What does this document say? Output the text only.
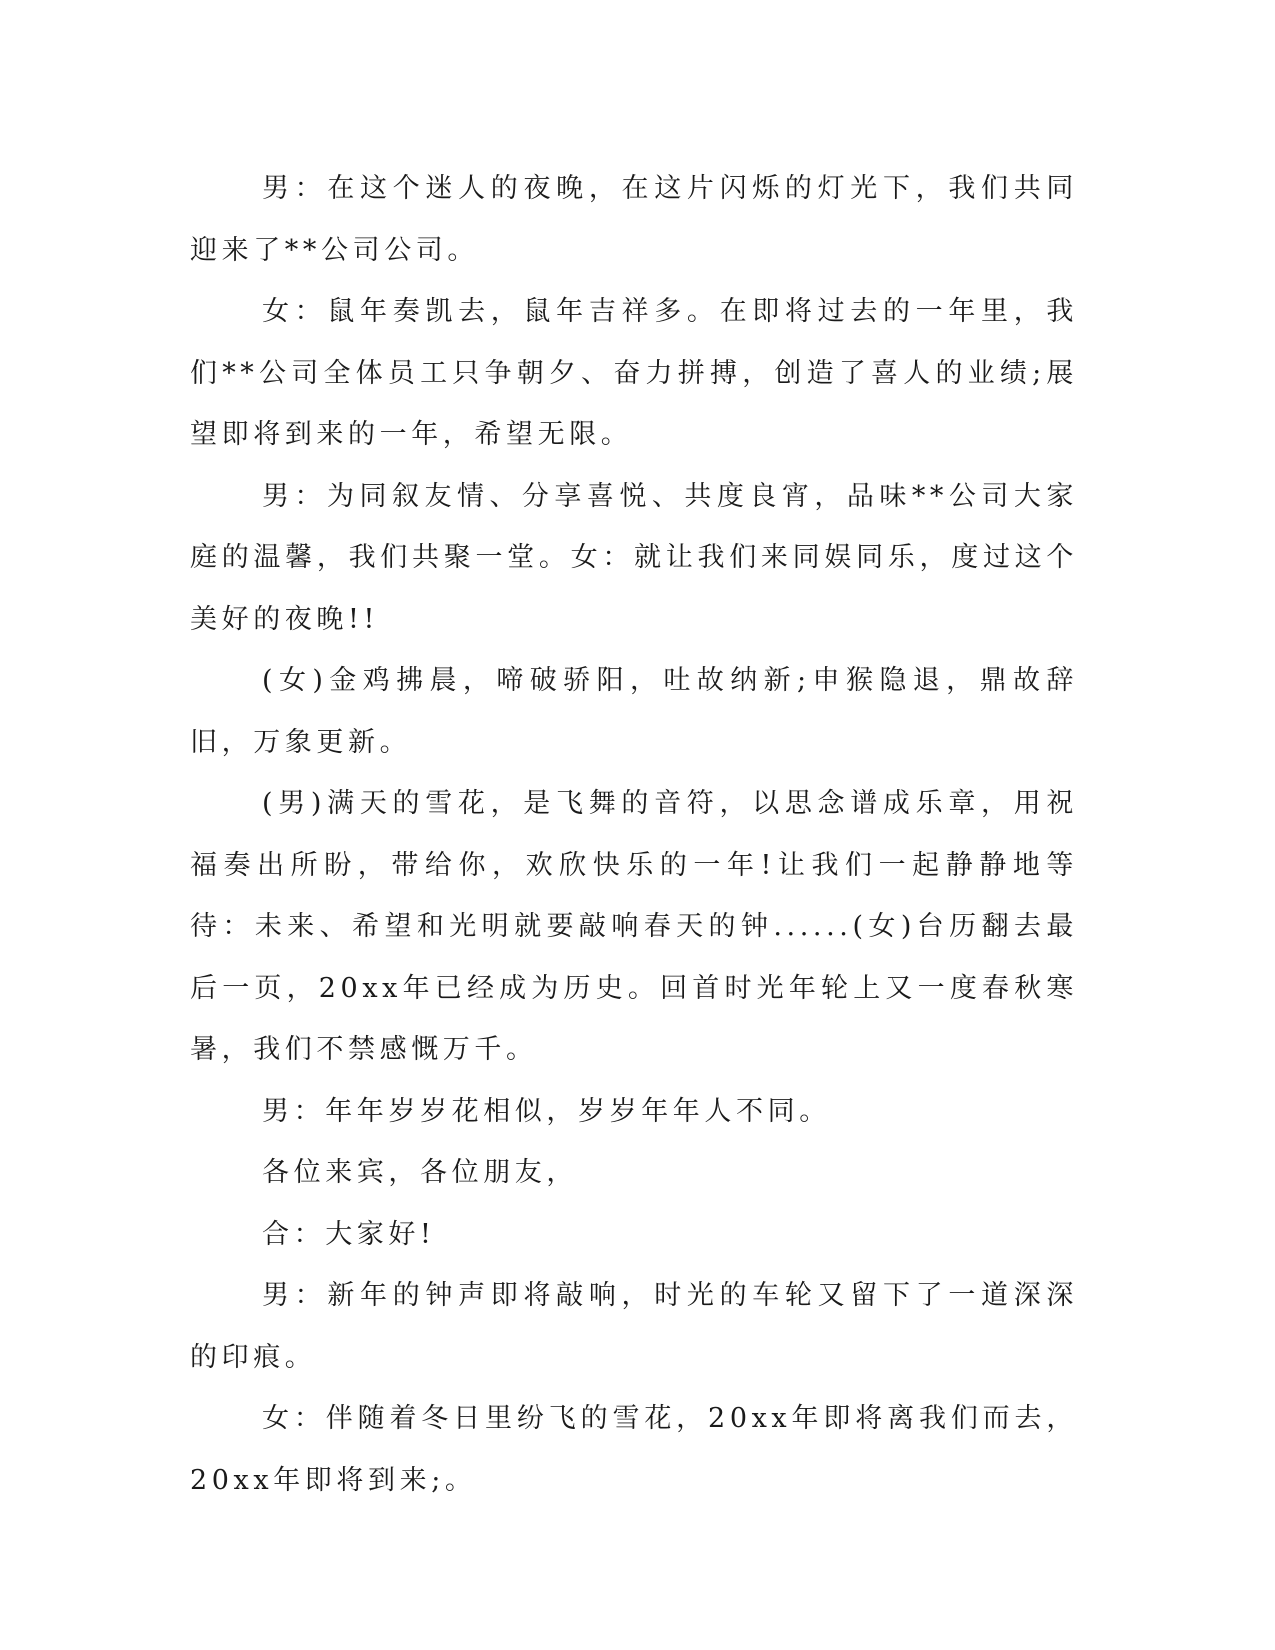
男：在这个迷人的夜晚，在这片闪烁的灯光下，我们共同迎来了**公司公司。

女：鼠年奏凯去，鼠年吉祥多。在即将过去的一年里，我们**公司全体员工只争朝夕、奋力拼搏，创造了喜人的业绩;展望即将到来的一年，希望无限。

男：为同叙友情、分享喜悦、共度良宵，品味**公司大家庭的温馨，我们共聚一堂。女：就让我们来同娱同乐，度过这个美好的夜晚!!

(女)金鸡拂晨，啼破骄阳，吐故纳新;申猴隐退，鼎故辞旧，万象更新。

(男)满天的雪花，是飞舞的音符，以思念谱成乐章，用祝福奏出所盼，带给你，欢欣快乐的一年!让我们一起静静地等待：未来、希望和光明就要敲响春天的钟......(女)台历翻去最后一页，20xx年已经成为历史。回首时光年轮上又一度春秋寒暑，我们不禁感慨万千。

男：年年岁岁花相似，岁岁年年人不同。

各位来宾，各位朋友，

合：大家好!

男：新年的钟声即将敲响，时光的车轮又留下了一道深深的印痕。

女：伴随着冬日里纷飞的雪花，20xx年即将离我们而去，20xx年即将到来;。
